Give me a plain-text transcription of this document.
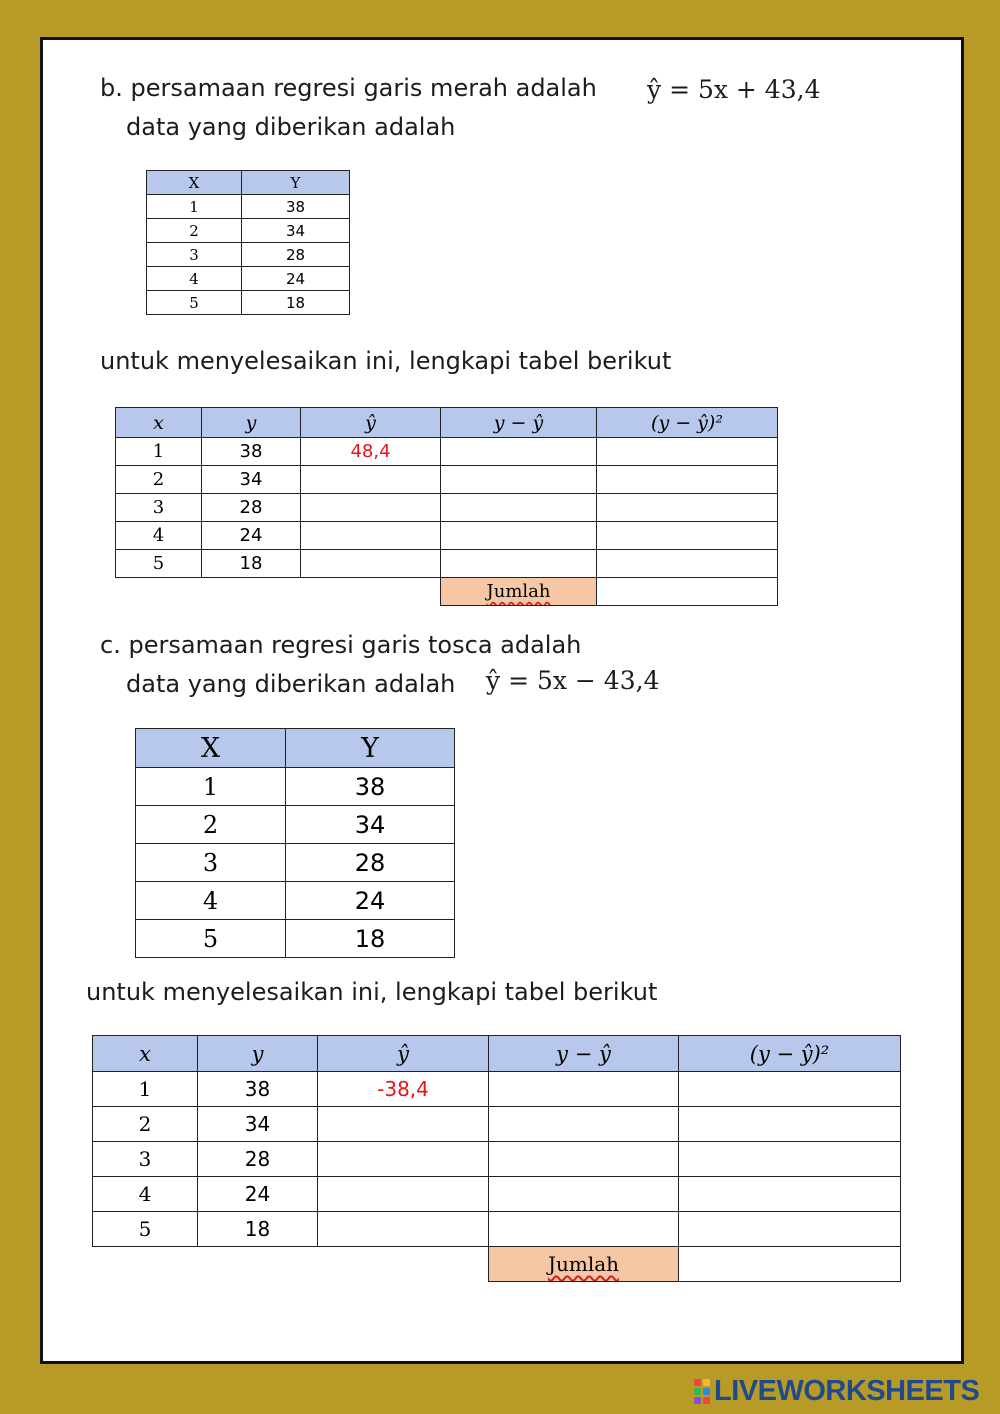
b. persamaan regresi garis merah adalah ŷ = 5x + 43,4
data yang diberikan adalah
X	Y
1	38
2	34
3	28
4	24
5	18
untuk menyelesaikan ini, lengkapi tabel berikut
x	y	ŷ	y − ŷ	(y − ŷ)²
1	38	48,4		
2	34			
3	28			
4	24			
5	18			
			Jumlah	
c. persamaan regresi garis tosca adalah
data yang diberikan adalah ŷ = 5x − 43,4
X	Y
1	38
2	34
3	28
4	24
5	18
untuk menyelesaikan ini, lengkapi tabel berikut
x	y	ŷ	y − ŷ	(y − ŷ)²
1	38	-38,4		
2	34			
3	28			
4	24			
5	18			
			Jumlah	
LIVEWORKSHEETS
